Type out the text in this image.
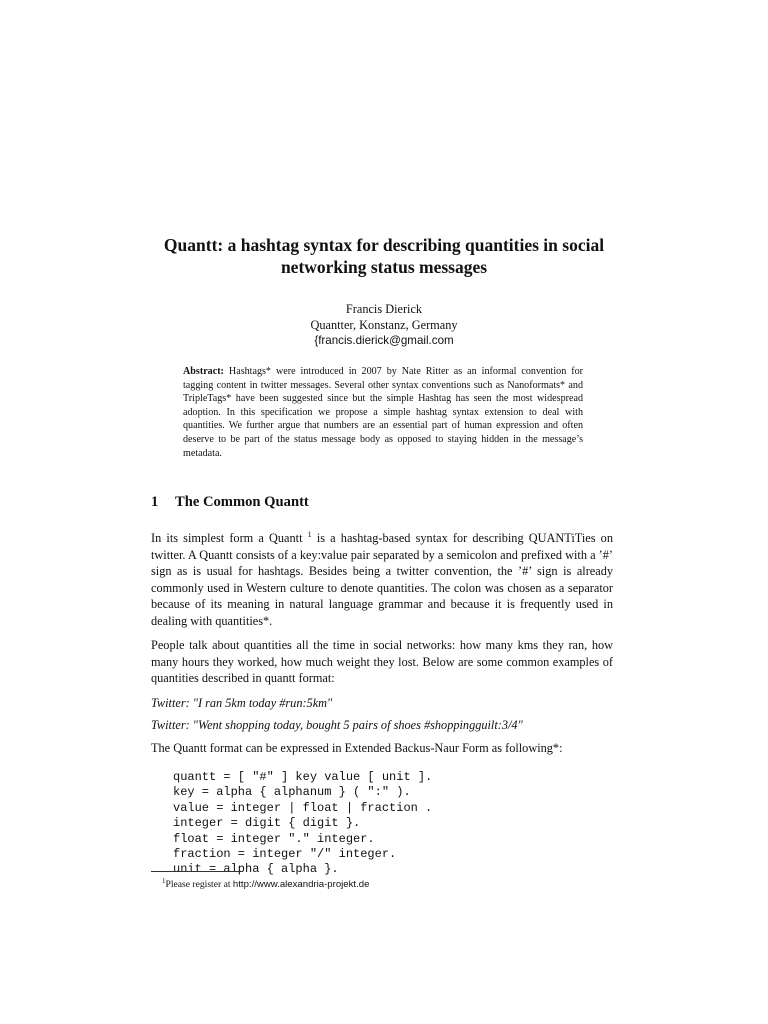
Quantt: a hashtag syntax for describing quantities in social
networking status messages
Francis Dierick
Quantter, Konstanz, Germany
{francis.dierick@gmail.com

Abstract: Hashtags* were introduced in 2007 by Nate Ritter as an informal convention for tagging content in twitter messages. Several other syntax conventions such as Nanoformats* and TripleTags* have been suggested since but the simple Hashtag has seen the most widespread adoption. In this specification we propose a simple hashtag syntax extension to deal with quantities. We further argue that numbers are an essential part of human expression and often deserve to be part of the status message body as opposed to staying hidden in the message’s metadata.

1 The Common Quantt

In its simplest form a Quantt $^1$ is a hashtag-based syntax for describing QUANTiTies on twitter. A Quantt consists of a key:value pair separated by a semicolon and prefixed with a ’#’ sign as is usual for hashtags. Besides being a twitter convention, the ’#’ sign is already commonly used in Western culture to denote quantities. The colon was chosen as a separator because of its meaning in natural language grammar and because it is frequently used in dealing with quantities*.

People talk about quantities all the time in social networks: how many kms they ran, how many hours they worked, how much weight they lost. Below are some common examples of quantities described in quantt format:

Twitter: "I ran 5km today #run:5km"

Twitter: "Went shopping today, bought 5 pairs of shoes #shoppingguilt:3/4"

The Quantt format can be expressed in Extended Backus-Naur Form as following*:

quantt = [ "#" ] key value [ unit ].
key = alpha { alphanum } ( ":" ).
value = integer | float | fraction .
integer = digit { digit }.
float = integer "." integer.
fraction = integer "/" integer.
unit = alpha { alpha }.
$^1$Please register at http://www.alexandria-projekt.de
